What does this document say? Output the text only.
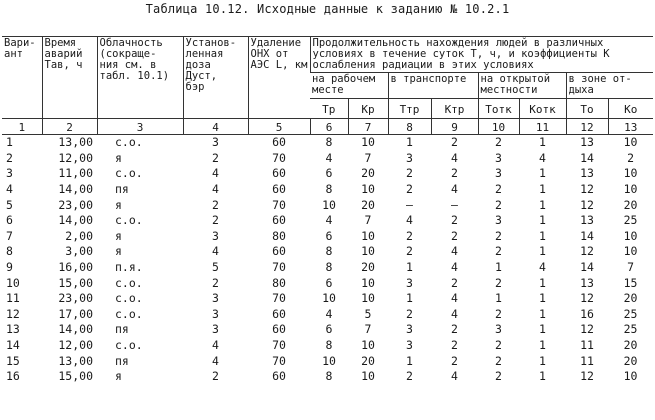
Таблица 10.12. Исходные данные к заданию № 10.2.1
Вари-
ант	Время
аварий
Тав, ч	Облачность
(сокраще-
ния см. в
табл. 10.1)	Установ-
ленная
доза
Дуст,
бэр	Удаление
ОНХ от
АЭС L, км	Продолжительность нахождения людей в различных условиях в течение суток Т, ч, и коэффициенты К ослабления радиации в этих условиях							
					на рабочем
месте		в транспорте		на открытой
местности		в зоне от-
дыха	
					Тр	Кр	Ттр	Ктр	Тотк	Котк	То	Ко
1	2	3	4	5	6	7	8	9	10	11	12	13
1	13,00	с.о.	3	60	8	10	1	2	2	1	13	10
2	12,00	я	2	70	4	7	3	4	3	4	14	2
3	11,00	с.о.	4	60	6	20	2	2	3	1	13	10
4	14,00	пя	4	60	8	10	2	4	2	1	12	10
5	23,00	я	2	70	10	20	–	–	2	1	12	20
6	14,00	с.о.	2	60	4	7	4	2	3	1	13	25
7	2,00	я	3	80	6	10	2	2	2	1	14	10
8	3,00	я	4	60	8	10	2	4	2	1	12	10
9	16,00	п.я.	5	70	8	20	1	4	1	4	14	7
10	15,00	с.о.	2	80	6	10	3	2	2	1	13	15
11	23,00	с.о.	3	70	10	10	1	4	1	1	12	20
12	17,00	с.о.	3	60	4	5	2	4	2	1	16	25
13	14,00	пя	3	60	6	7	3	2	3	1	12	25
14	12,00	с.о.	4	70	8	10	3	2	2	1	11	20
15	13,00	пя	4	70	10	20	1	2	2	1	11	20
16	15,00	я	2	60	8	10	2	4	2	1	12	10
